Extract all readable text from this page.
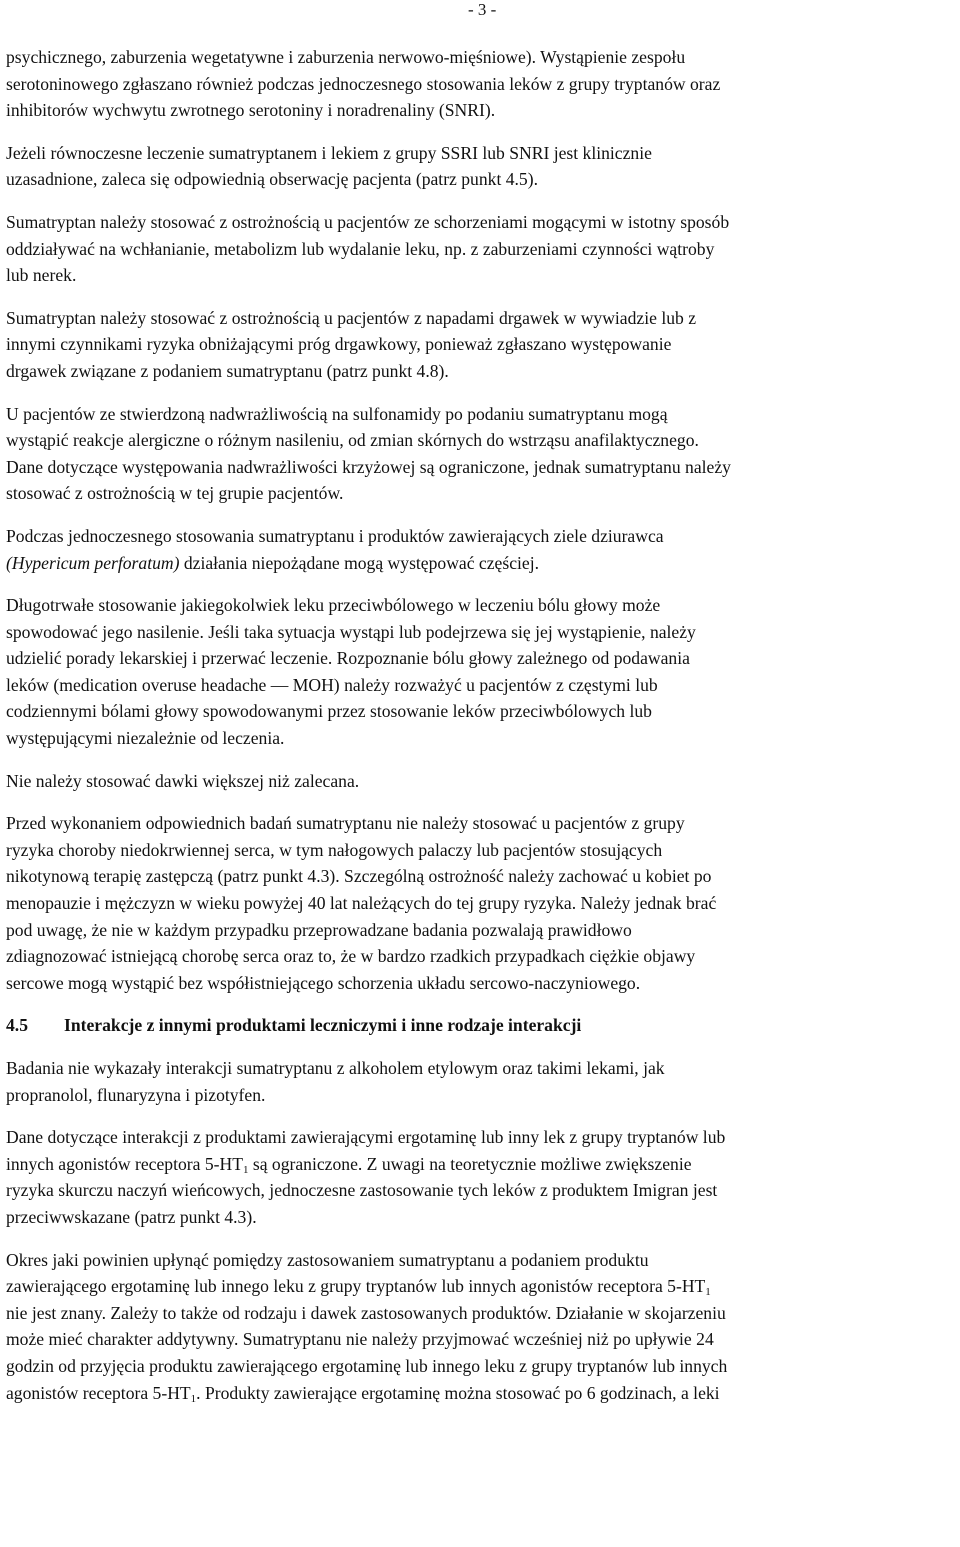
- 3 -

psychicznego, zaburzenia wegetatywne i zaburzenia nerwowo-mięśniowe). Wystąpienie zespołu
serotoninowego zgłaszano również podczas jednoczesnego stosowania leków z grupy tryptanów oraz
inhibitorów wychwytu zwrotnego serotoniny i noradrenaliny (SNRI).

Jeżeli równoczesne leczenie sumatryptanem i lekiem z grupy SSRI lub SNRI jest klinicznie
uzasadnione, zaleca się odpowiednią obserwację pacjenta (patrz punkt 4.5).

Sumatryptan należy stosować z ostrożnością u pacjentów ze schorzeniami mogącymi w istotny sposób
oddziaływać na wchłanianie, metabolizm lub wydalanie leku, np. z zaburzeniami czynności wątroby
lub nerek.

Sumatryptan należy stosować z ostrożnością u pacjentów z napadami drgawek w wywiadzie lub z
innymi czynnikami ryzyka obniżającymi próg drgawkowy, ponieważ zgłaszano występowanie
drgawek związane z podaniem sumatryptanu (patrz punkt 4.8).

U pacjentów ze stwierdzoną nadwrażliwością na sulfonamidy po podaniu sumatryptanu mogą
wystąpić reakcje alergiczne o różnym nasileniu, od zmian skórnych do wstrząsu anafilaktycznego.
Dane dotyczące występowania nadwrażliwości krzyżowej są ograniczone, jednak sumatryptanu należy
stosować z ostrożnością w tej grupie pacjentów.

Podczas jednoczesnego stosowania sumatryptanu i produktów zawierających ziele dziurawca
(Hypericum perforatum) działania niepożądane mogą występować częściej.

Długotrwałe stosowanie jakiegokolwiek leku przeciwbólowego w leczeniu bólu głowy może
spowodować jego nasilenie. Jeśli taka sytuacja wystąpi lub podejrzewa się jej wystąpienie, należy
udzielić porady lekarskiej i przerwać leczenie. Rozpoznanie bólu głowy zależnego od podawania
leków (medication overuse headache — MOH) należy rozważyć u pacjentów z częstymi lub
codziennymi bólami głowy spowodowanymi przez stosowanie leków przeciwbólowych lub
występującymi niezależnie od leczenia.

Nie należy stosować dawki większej niż zalecana.

Przed wykonaniem odpowiednich badań sumatryptanu nie należy stosować u pacjentów z grupy
ryzyka choroby niedokrwiennej serca, w tym nałogowych palaczy lub pacjentów stosujących
nikotynową terapię zastępczą (patrz punkt 4.3). Szczególną ostrożność należy zachować u kobiet po
menopauzie i mężczyzn w wieku powyżej 40 lat należących do tej grupy ryzyka. Należy jednak brać
pod uwagę, że nie w każdym przypadku przeprowadzane badania pozwalają prawidłowo
zdiagnozować istniejącą chorobę serca oraz to, że w bardzo rzadkich przypadkach ciężkie objawy
sercowe mogą wystąpić bez współistniejącego schorzenia układu sercowo-naczyniowego.

4.5 Interakcje z innymi produktami leczniczymi i inne rodzaje interakcji

Badania nie wykazały interakcji sumatryptanu z alkoholem etylowym oraz takimi lekami, jak
propranolol, flunaryzyna i pizotyfen.

Dane dotyczące interakcji z produktami zawierającymi ergotaminę lub inny lek z grupy tryptanów lub
innych agonistów receptora $5-HT_1$ są ograniczone. Z uwagi na teoretycznie możliwe zwiększenie
ryzyka skurczu naczyń wieńcowych, jednoczesne zastosowanie tych leków z produktem Imigran jest
przeciwwskazane (patrz punkt 4.3).

Okres jaki powinien upłynąć pomiędzy zastosowaniem sumatryptanu a podaniem produktu
zawierającego ergotaminę lub innego leku z grupy tryptanów lub innych agonistów receptora $5-HT_1$
nie jest znany. Zależy to także od rodzaju i dawek zastosowanych produktów. Działanie w skojarzeniu
może mieć charakter addytywny. Sumatryptanu nie należy przyjmować wcześniej niż po upływie 24
godzin od przyjęcia produktu zawierającego ergotaminę lub innego leku z grupy tryptanów lub innych
agonistów receptora $5-HT_1$. Produkty zawierające ergotaminę można stosować po 6 godzinach, a leki
